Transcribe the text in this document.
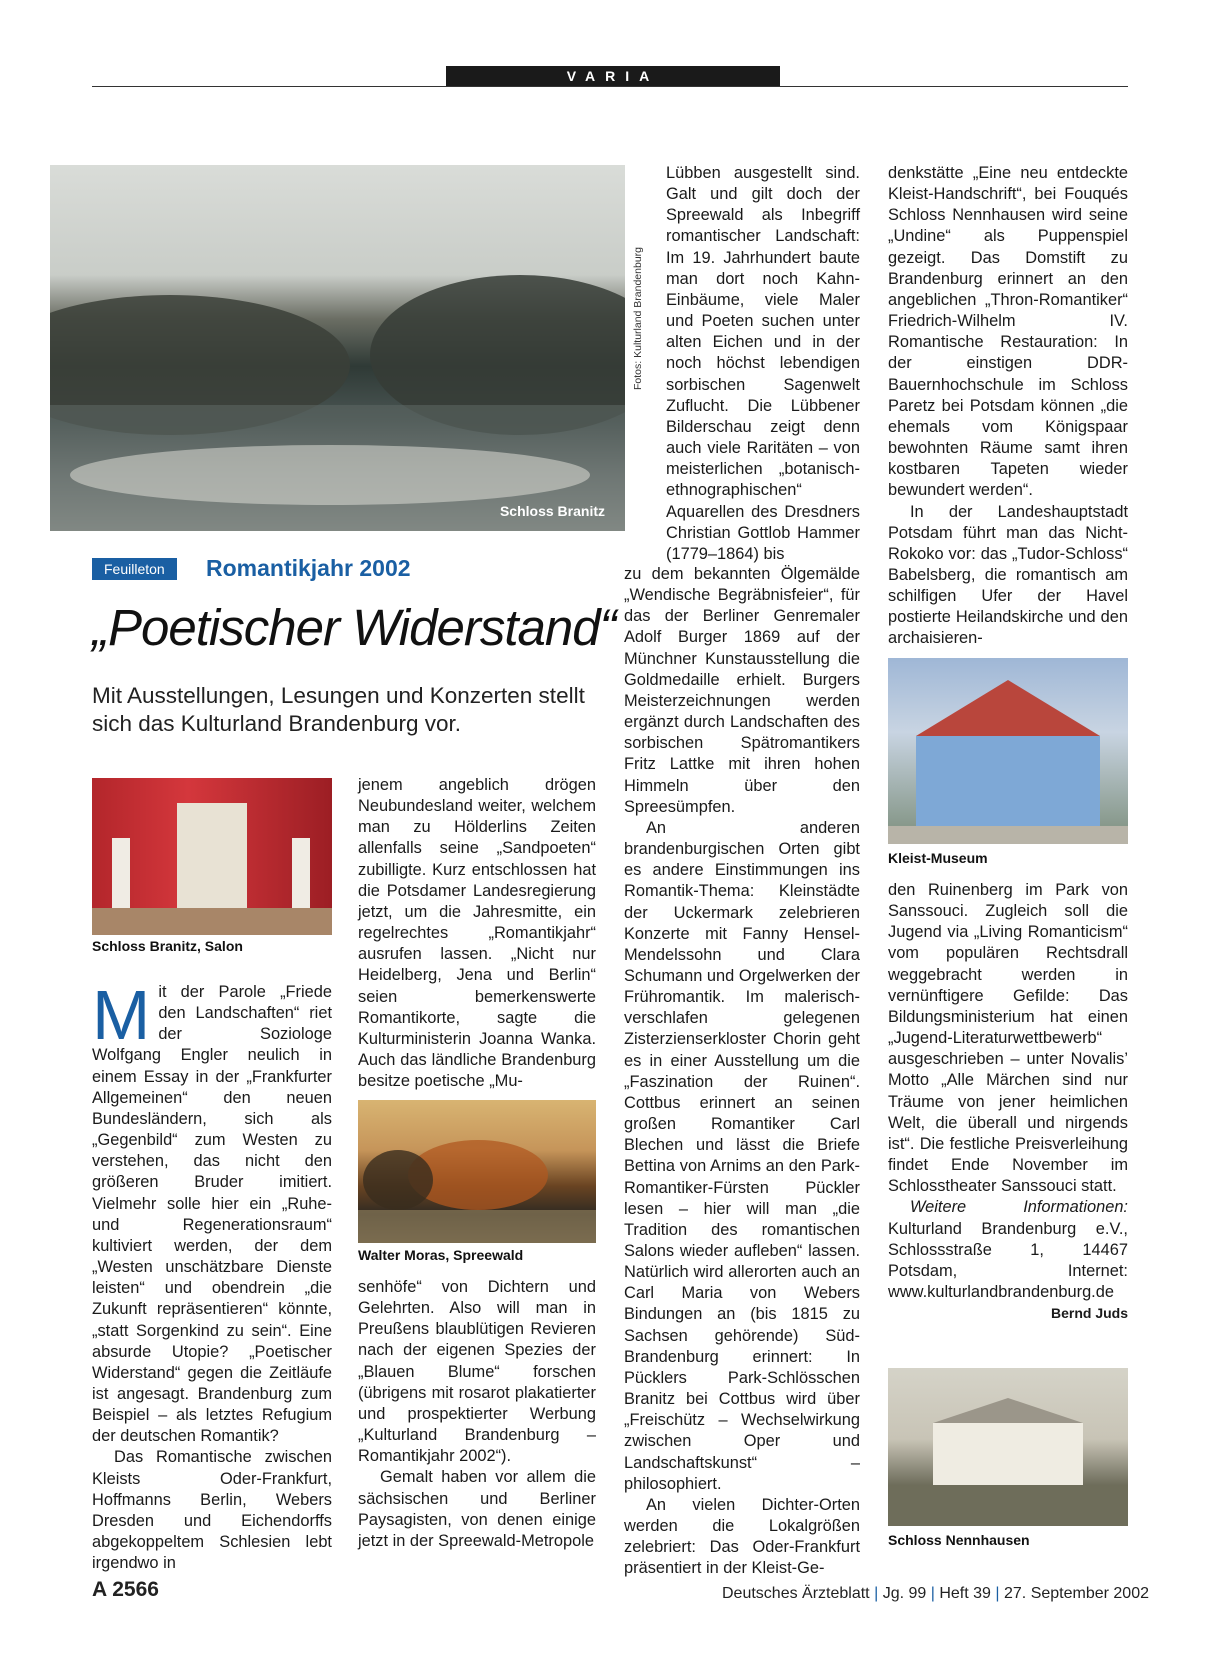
VARIA
Schloss Branitz
Fotos: Kulturland Brandenburg
Feuilleton	Romantikjahr 2002
„Poetischer Widerstand“
Mit Ausstellungen, Lesungen und Konzerten stellt sich das Kulturland Brandenburg vor.
Schloss Branitz, Salon

Mit der Parole „Friede den Landschaften“ riet der Soziologe Wolfgang Engler neulich in einem Essay in der „Frankfurter Allgemeinen“ den neuen Bundesländern, sich als „Gegenbild“ zum Westen zu verstehen, das nicht den größeren Bruder imitiert. Vielmehr solle hier ein „Ruhe- und Regenerationsraum“ kultiviert werden, der dem „Westen unschätzbare Dienste leisten“ und obendrein „die Zukunft repräsentieren“ könnte, „statt Sorgenkind zu sein“. Eine absurde Utopie? „Poetischer Widerstand“ gegen die Zeitläufe ist angesagt. Brandenburg zum Beispiel – als letztes Refugium der deutschen Romantik?

Das Romantische zwischen Kleists Oder-Frankfurt, Hoffmanns Berlin, Webers Dresden und Eichendorffs abgekoppeltem Schlesien lebt irgendwo in

jenem angeblich drögen Neubundesland weiter, welchem man zu Hölderlins Zeiten allenfalls seine „Sandpoeten“ zubilligte. Kurz entschlossen hat die Potsdamer Landesregierung jetzt, um die Jahresmitte, ein regelrechtes „Romantikjahr“ ausrufen lassen. „Nicht nur Heidelberg, Jena und Berlin“ seien bemerkenswerte Romantikorte, sagte die Kulturministerin Joanna Wanka. Auch das ländliche Brandenburg besitze poetische „Mu-

Walter Moras, Spreewald

senhöfe“ von Dichtern und Gelehrten. Also will man in Preußens blaublütigen Revieren nach der eigenen Spezies der „Blauen Blume“ forschen (übrigens mit rosarot plakatierter und prospektierter Werbung „Kulturland Brandenburg – Romantikjahr 2002“).

Gemalt haben vor allem die sächsischen und Berliner Paysagisten, von denen einige jetzt in der Spreewald-Metropole

Lübben ausgestellt sind. Galt und gilt doch der Spreewald als Inbegriff romantischer Landschaft: Im 19. Jahrhundert baute man dort noch Kahn-Einbäume, viele Maler und Poeten suchen unter alten Eichen und in der noch höchst lebendigen sorbischen Sagenwelt Zuflucht. Die Lübbener Bilderschau zeigt denn auch viele Raritäten – von meisterlichen „botanisch-ethnographischen“ Aquarellen des Dresdners Christian Gottlob Hammer (1779–1864) bis

zu dem bekannten Ölgemälde „Wendische Begräbnisfeier“, für das der Berliner Genremaler Adolf Burger 1869 auf der Münchner Kunstausstellung die Goldmedaille erhielt. Burgers Meisterzeichnungen werden ergänzt durch Landschaften des sorbischen Spätromantikers Fritz Lattke mit ihren hohen Himmeln über den Spreesümpfen.

An anderen brandenburgischen Orten gibt es andere Einstimmungen ins Romantik-Thema: Kleinstädte der Uckermark zelebrieren Konzerte mit Fanny Hensel-Mendelssohn und Clara Schumann und Orgelwerken der Frühromantik. Im malerisch-verschlafen gelegenen Zisterzienserkloster Chorin geht es in einer Ausstellung um die „Faszination der Ruinen“. Cottbus erinnert an seinen großen Romantiker Carl Blechen und lässt die Briefe Bettina von Arnims an den Park-Romantiker-Fürsten Pückler lesen – hier will man „die Tradition des romantischen Salons wieder aufleben“ lassen. Natürlich wird allerorten auch an Carl Maria von Webers Bindungen an (bis 1815 zu Sachsen gehörende) Süd-Brandenburg erinnert: In Pücklers Park-Schlösschen Branitz bei Cottbus wird über „Freischütz – Wechselwirkung zwischen Oper und Landschaftskunst“ – philosophiert.

An vielen Dichter-Orten werden die Lokalgrößen zelebriert: Das Oder-Frankfurt präsentiert in der Kleist-Ge-

denkstätte „Eine neu entdeckte Kleist-Handschrift“, bei Fouqués Schloss Nennhausen wird seine „Undine“ als Puppenspiel gezeigt. Das Domstift zu Brandenburg erinnert an den angeblichen „Thron-Romantiker“ Friedrich-Wilhelm IV. Romantische Restauration: In der einstigen DDR-Bauernhochschule im Schloss Paretz bei Potsdam können „die ehemals vom Königspaar bewohnten Räume samt ihren kostbaren Tapeten wieder bewundert werden“.

In der Landeshauptstadt Potsdam führt man das Nicht-Rokoko vor: das „Tudor-Schloss“ Babelsberg, die romantisch am schilfigen Ufer der Havel postierte Heilandskirche und den archaisieren-

Kleist-Museum

den Ruinenberg im Park von Sanssouci. Zugleich soll die Jugend via „Living Romanticism“ vom populären Rechtsdrall weggebracht werden in vernünftigere Gefilde: Das Bildungsministerium hat einen „Jugend-Literaturwettbewerb“ ausgeschrieben – unter Novalis’ Motto „Alle Märchen sind nur Träume von jener heimlichen Welt, die überall und nirgends ist“. Die festliche Preisverleihung findet Ende November im Schlosstheater Sanssouci statt.

Weitere Informationen: Kulturland Brandenburg e.V., Schlossstraße 1, 14467 Potsdam, Internet: www.kulturlandbrandenburg.de
Bernd Juds

Schloss Nennhausen
A 2566	Deutsches Ärzteblatt | Jg. 99 | Heft 39 | 27. September 2002
